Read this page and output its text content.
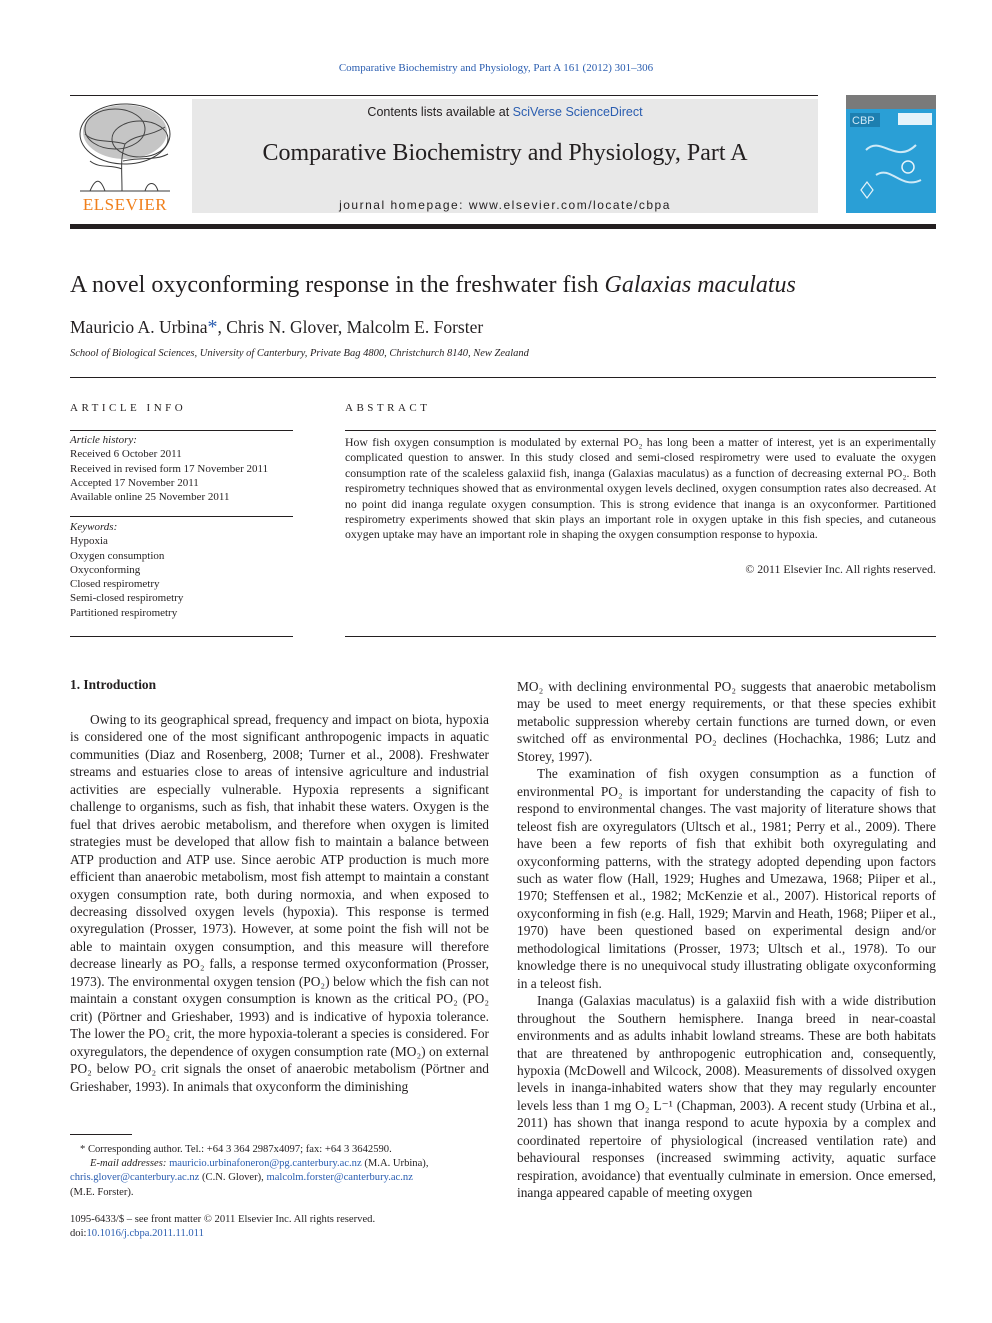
Comparative Biochemistry and Physiology, Part A 161 (2012) 301–306
ELSEVIER
Contents lists available at SciVerse ScienceDirect
Comparative Biochemistry and Physiology, Part A
journal homepage: www.elsevier.com/locate/cbpa
CBP
A novel oxyconforming response in the freshwater fish Galaxias maculatus
Mauricio A. Urbina*, Chris N. Glover, Malcolm E. Forster
School of Biological Sciences, University of Canterbury, Private Bag 4800, Christchurch 8140, New Zealand
ARTICLE INFO
Article history:
Received 6 October 2011
Received in revised form 17 November 2011
Accepted 17 November 2011
Available online 25 November 2011
Keywords:
Hypoxia
Oxygen consumption
Oxyconforming
Closed respirometry
Semi-closed respirometry
Partitioned respirometry
ABSTRACT
How fish oxygen consumption is modulated by external PO₂ has long been a matter of interest, yet is an experimentally complicated question to answer. In this study closed and semi-closed respirometry were used to evaluate the oxygen consumption rate of the scaleless galaxiid fish, inanga (Galaxias maculatus) as a function of decreasing external PO₂. Both respirometry techniques showed that as environmental oxygen levels declined, oxygen consumption rates also decreased. At no point did inanga regulate oxygen consumption. This is strong evidence that inanga is an oxyconformer. Partitioned respirometry experiments showed that skin plays an important role in oxygen uptake in this fish species, and cutaneous oxygen uptake may have an important role in shaping the oxygen consumption response to hypoxia.
© 2011 Elsevier Inc. All rights reserved.
1. Introduction

Owing to its geographical spread, frequency and impact on biota, hypoxia is considered one of the most significant anthropogenic impacts in aquatic communities (Diaz and Rosenberg, 2008; Turner et al., 2008). Freshwater streams and estuaries close to areas of intensive agriculture and industrial activities are especially vulnerable. Hypoxia represents a significant challenge to organisms, such as fish, that inhabit these waters. Oxygen is the fuel that drives aerobic metabolism, and therefore when oxygen is limited strategies must be developed that allow fish to maintain a balance between ATP production and ATP use. Since aerobic ATP production is much more efficient than anaerobic metabolism, most fish attempt to maintain a constant oxygen consumption rate, both during normoxia, and when exposed to decreasing dissolved oxygen levels (hypoxia). This response is termed oxyregulation (Prosser, 1973). However, at some point the fish will not be able to maintain oxygen consumption, and this measure will therefore decrease linearly as PO₂ falls, a response termed oxyconformation (Prosser, 1973). The environmental oxygen tension (PO₂) below which the fish can not maintain a constant oxygen consumption is known as the critical PO₂ (PO₂ crit) (Pörtner and Grieshaber, 1993) and is indicative of hypoxia tolerance. The lower the PO₂ crit, the more hypoxia-tolerant a species is considered. For oxyregulators, the dependence of oxygen consumption rate (MO₂) on external PO₂ below PO₂ crit signals the onset of anaerobic metabolism (Pörtner and Grieshaber, 1993). In animals that oxyconform the diminishing

MO₂ with declining environmental PO₂ suggests that anaerobic metabolism may be used to meet energy requirements, or that these species exhibit metabolic suppression whereby certain functions are turned down, or even switched off as environmental PO₂ declines (Hochachka, 1986; Lutz and Storey, 1997).

The examination of fish oxygen consumption as a function of environmental PO₂ is important for understanding the capacity of fish to respond to environmental changes. The vast majority of literature shows that teleost fish are oxyregulators (Ultsch et al., 1981; Perry et al., 2009). There have been a few reports of fish that exhibit both oxyregulating and oxyconforming patterns, with the strategy adopted depending upon factors such as water flow (Hall, 1929; Hughes and Umezawa, 1968; Piiper et al., 1970; Steffensen et al., 1982; McKenzie et al., 2007). Historical reports of oxyconforming in fish (e.g. Hall, 1929; Marvin and Heath, 1968; Piiper et al., 1970) have been questioned based on experimental design and/or methodological limitations (Prosser, 1973; Ultsch et al., 1978). To our knowledge there is no unequivocal study illustrating obligate oxyconforming in a teleost fish.

Inanga (Galaxias maculatus) is a galaxiid fish with a wide distribution throughout the Southern hemisphere. Inanga breed in near-coastal environments and as adults inhabit lowland streams. These are both habitats that are threatened by anthropogenic eutrophication and, consequently, hypoxia (McDowell and Wilcock, 2008). Measurements of dissolved oxygen levels in inanga-inhabited waters show that they may regularly encounter levels less than 1 mg O₂ L⁻¹ (Chapman, 2003). A recent study (Urbina et al., 2011) has shown that inanga respond to acute hypoxia by a complex and coordinated repertoire of physiological (increased ventilation rate) and behavioural responses (increased swimming activity, aquatic surface respiration, avoidance) that eventually culminate in emersion. Once emersed, inanga appeared capable of meeting oxygen

* Corresponding author. Tel.: +64 3 364 2987x4097; fax: +64 3 3642590.
E-mail addresses: mauricio.urbinafoneron@pg.canterbury.ac.nz (M.A. Urbina),
chris.glover@canterbury.ac.nz (C.N. Glover), malcolm.forster@canterbury.ac.nz
(M.E. Forster).
1095-6433/$ – see front matter © 2011 Elsevier Inc. All rights reserved.
doi:10.1016/j.cbpa.2011.11.011
